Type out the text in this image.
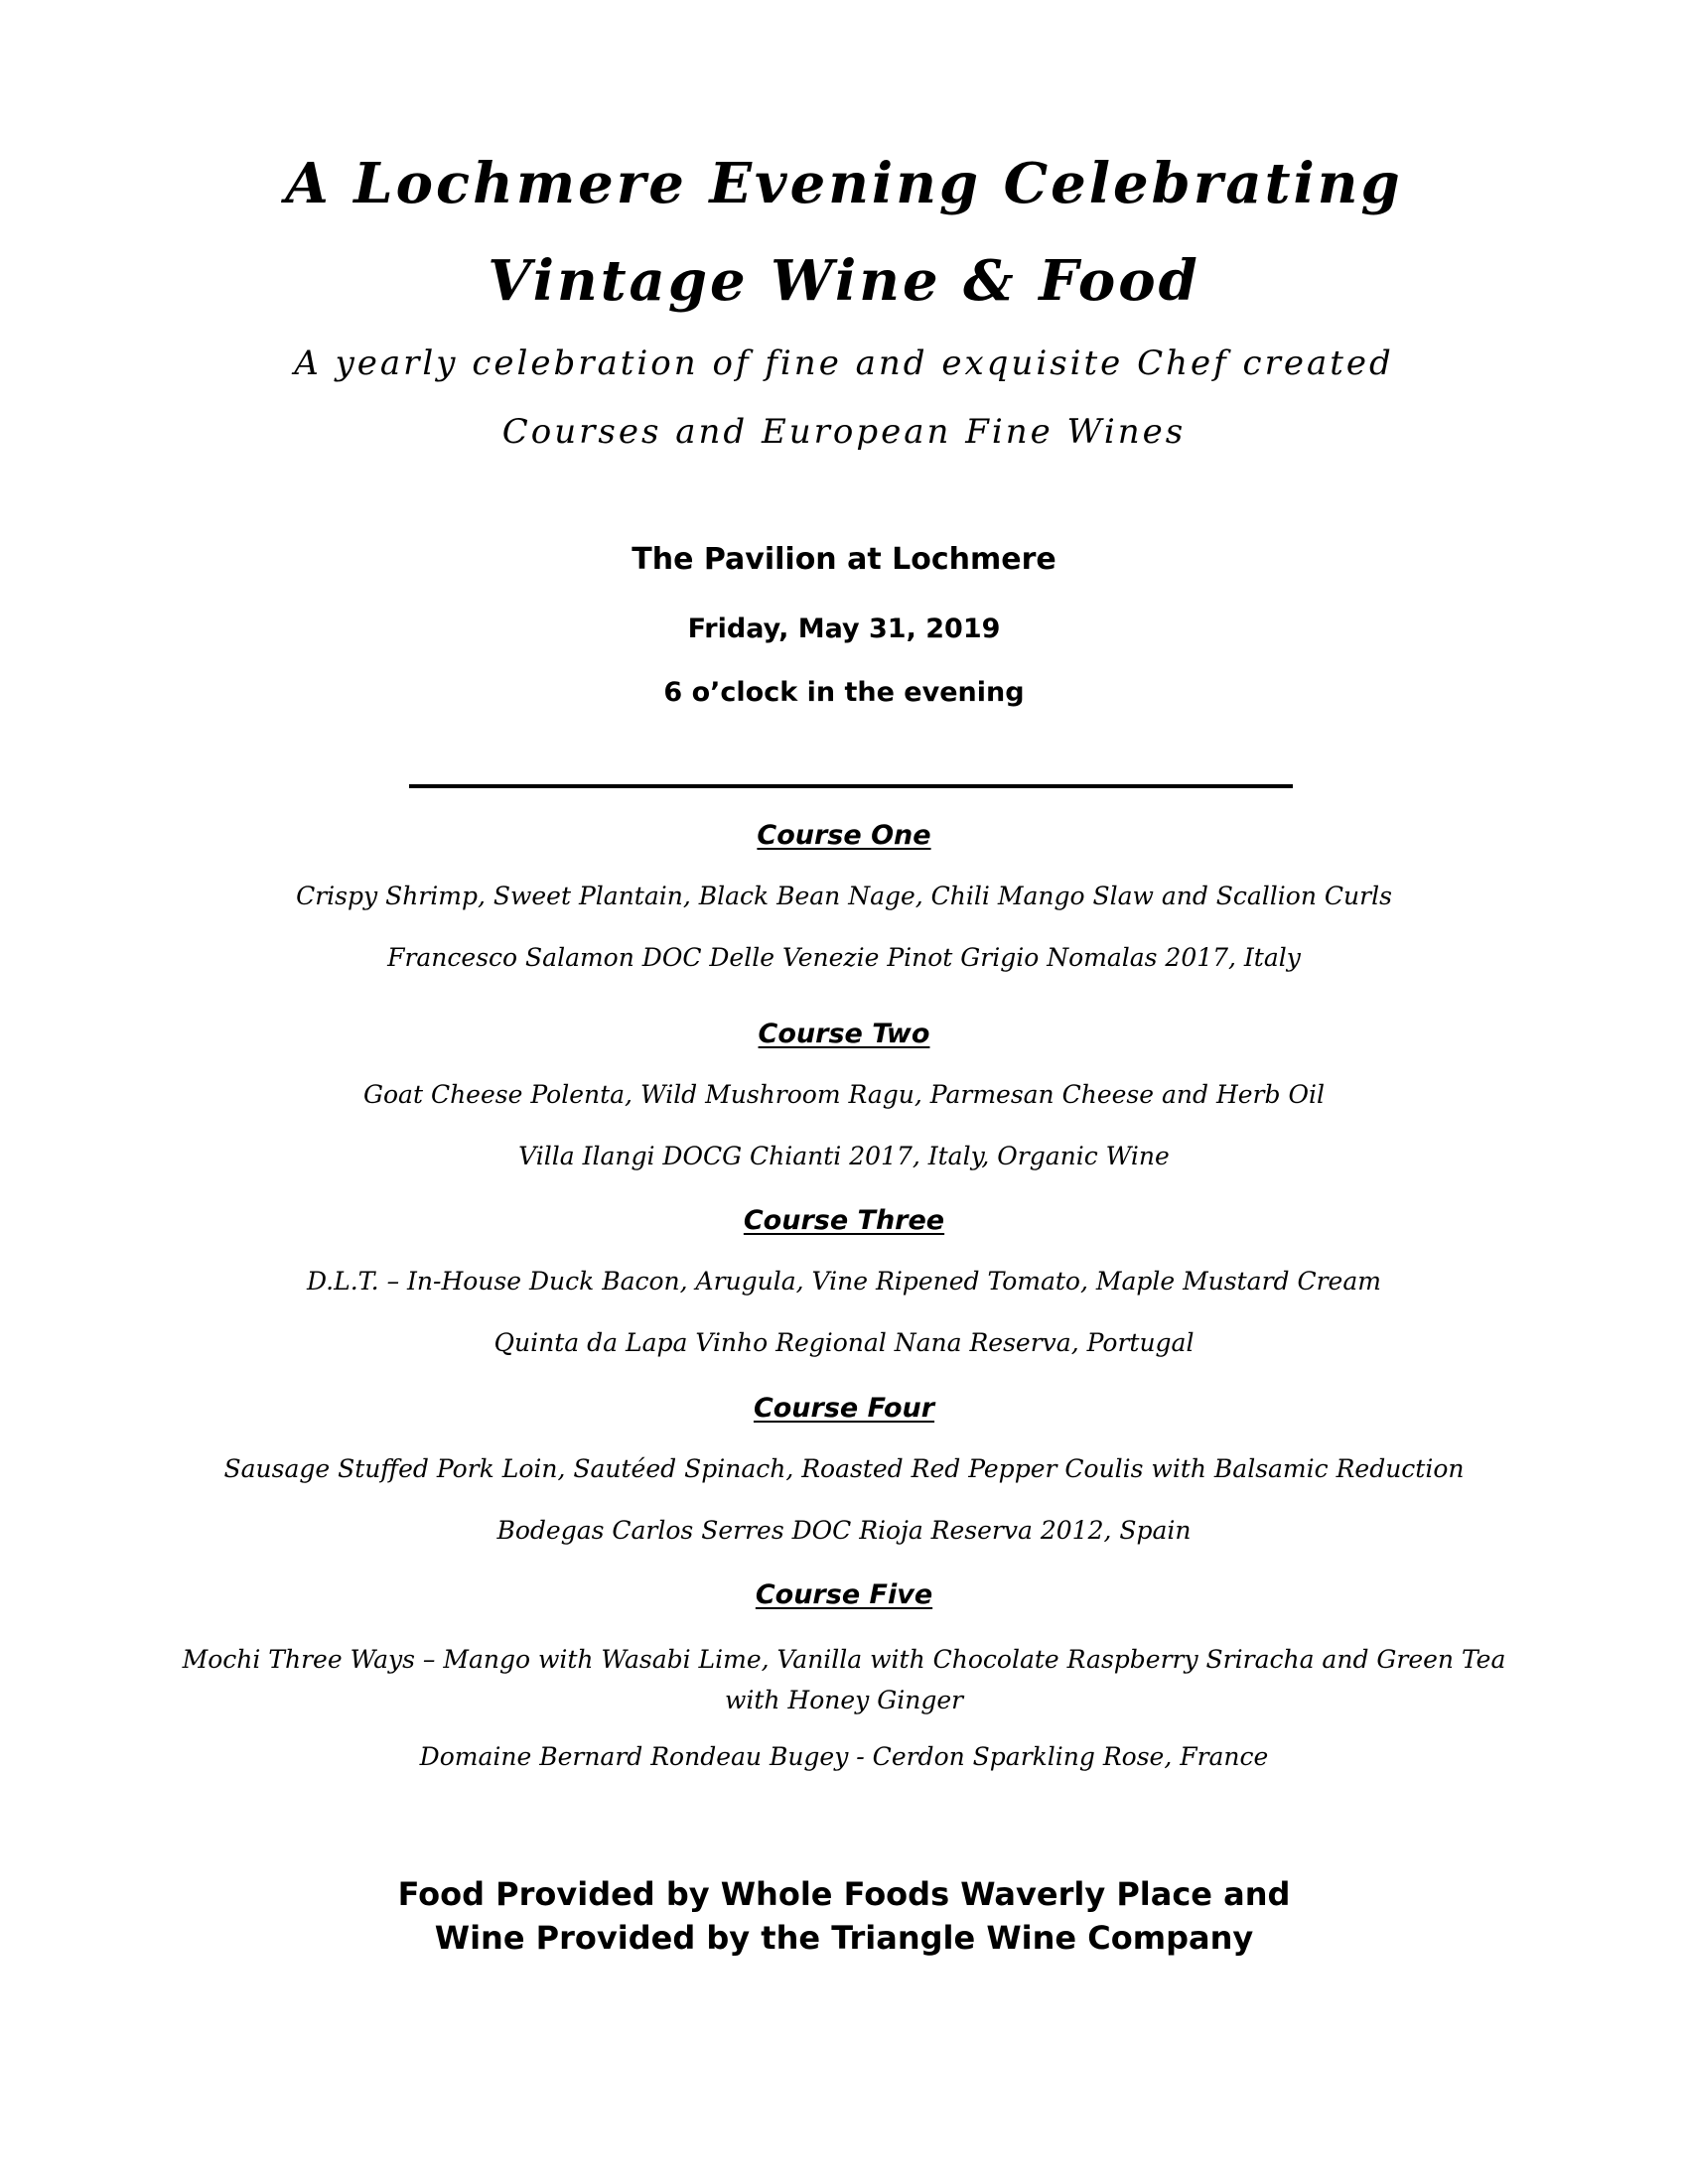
A Lochmere Evening Celebrating
Vintage Wine & Food
A yearly celebration of fine and exquisite Chef created
Courses and European Fine Wines
The Pavilion at Lochmere
Friday, May 31, 2019
6 o’clock in the evening
Course One
Crispy Shrimp, Sweet Plantain, Black Bean Nage, Chili Mango Slaw and Scallion Curls
Francesco Salamon DOC Delle Venezie Pinot Grigio Nomalas 2017, Italy
Course Two
Goat Cheese Polenta, Wild Mushroom Ragu, Parmesan Cheese and Herb Oil
Villa Ilangi DOCG Chianti 2017, Italy, Organic Wine
Course Three
D.L.T. – In-House Duck Bacon, Arugula, Vine Ripened Tomato, Maple Mustard Cream
Quinta da Lapa Vinho Regional Nana Reserva, Portugal
Course Four
Sausage Stuffed Pork Loin, Sautéed Spinach, Roasted Red Pepper Coulis with Balsamic Reduction
Bodegas Carlos Serres DOC Rioja Reserva 2012, Spain
Course Five
Mochi Three Ways – Mango with Wasabi Lime, Vanilla with Chocolate Raspberry Sriracha and Green Tea with Honey Ginger
Domaine Bernard Rondeau Bugey - Cerdon Sparkling Rose, France
Food Provided by Whole Foods Waverly Place and
Wine Provided by the Triangle Wine Company
